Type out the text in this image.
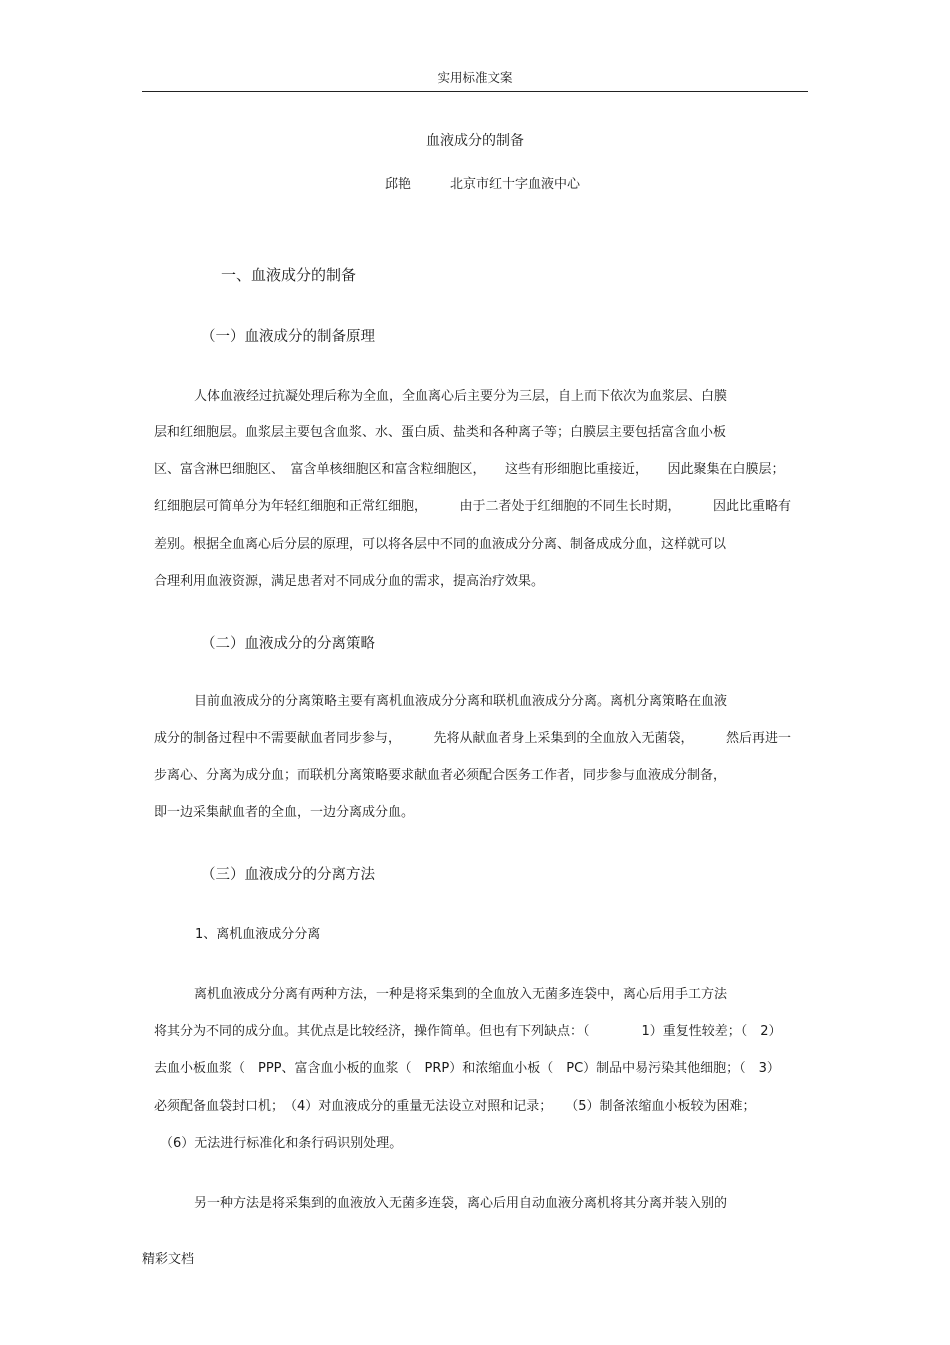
实用标准文案
血液成分的制备
邱艳	北京市红十字血液中心
一、血液成分的制备
（一）血液成分的制备原理
人体血液经过抗凝处理后称为全血，全血离心后主要分为三层，自上而下依次为血浆层、白膜
层和红细胞层。血浆层主要包含血浆、水、蛋白质、盐类和各种离子等；白膜层主要包括富含血小板
区、富含淋巴细胞区、　富含单核细胞区和富含粒细胞区，　　这些有形细胞比重接近，　　因此聚集在白膜层；
红细胞层可简单分为年轻红细胞和正常红细胞，　　　由于二者处于红细胞的不同生长时期，　　　因此比重略有
差别。根据全血离心后分层的原理，可以将各层中不同的血液成分分离、制备成成分血，这样就可以
合理利用血液资源，满足患者对不同成分血的需求，提高治疗效果。
（二）血液成分的分离策略
目前血液成分的分离策略主要有离机血液成分分离和联机血液成分分离。离机分离策略在血液
成分的制备过程中不需要献血者同步参与，　　　先将从献血者身上采集到的全血放入无菌袋，　　　然后再进一
步离心、分离为成分血；而联机分离策略要求献血者必须配合医务工作者，同步参与血液成分制备，
即一边采集献血者的全血，一边分离成分血。
（三）血液成分的分离方法
1、离机血液成分分离
离机血液成分分离有两种方法，一种是将采集到的全血放入无菌多连袋中，离心后用手工方法
将其分为不同的成分血。其优点是比较经济，操作简单。但也有下列缺点：（　　　　1）重复性较差；（　2）
去血小板血浆（　PPP、富含血小板的血浆（　PRP）和浓缩血小板（　PC）制品中易污染其他细胞；（　3）
必须配备血袋封口机；　（4）对血液成分的重量无法设立对照和记录；　　（5）制备浓缩血小板较为困难；
（6）无法进行标准化和条行码识别处理。
另一种方法是将采集到的血液放入无菌多连袋，离心后用自动血液分离机将其分离并装入别的
精彩文档
